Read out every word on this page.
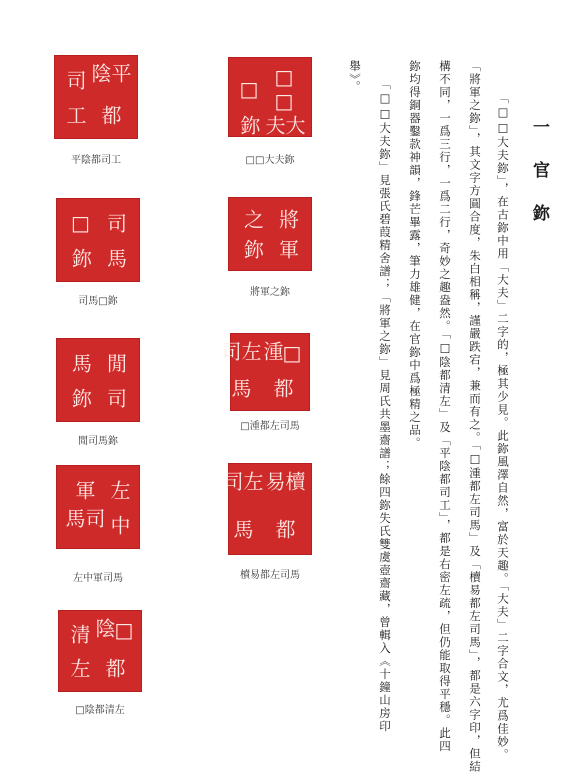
一 官 鉨
「□□大夫鉨」，在古鉨中用「大夫」二字的，極其少見。此鉨風澤自然，富於天趣。「大夫」二字合文，尤爲佳妙。
「將軍之鉨」，其文字方圓合度，朱白相稱，謹嚴跌宕，兼而有之。「□湩都左司馬」及「櫝易都左司馬」，都是六字印，但結
構不同，一爲三行，一爲二行，奇妙之趣盎然。「□陰都清左」及「平陰都司工」，都是右密左疏，但仍能取得平穩。此四
鉨均得銅器鑿款神韻，鋒芒畢露，筆力雄健，在官鉨中爲極精之品。
「□□大夫鉨」見張氏碧葭精舍譜；「將軍之鉨」見周氏共墨齋譜；餘四鉨失氏雙虞壺齋藏，曾輯入《十鐘山房印
舉》。
平陰
都
司
工
平陰都司工
□□
大夫
□
鉨
□□大夫鉨
司
馬
□
鉨
司馬□鉨
將
軍
之
鉨
將軍之鉨
□湩
都
左司
馬
□湩都左司馬
閒
司
馬
鉨
閒司馬鉨
左
中
軍
司馬
左中軍司馬
櫝易
都
左司
馬
櫝易都左司馬
□陰
都
清
左
□陰都清左
